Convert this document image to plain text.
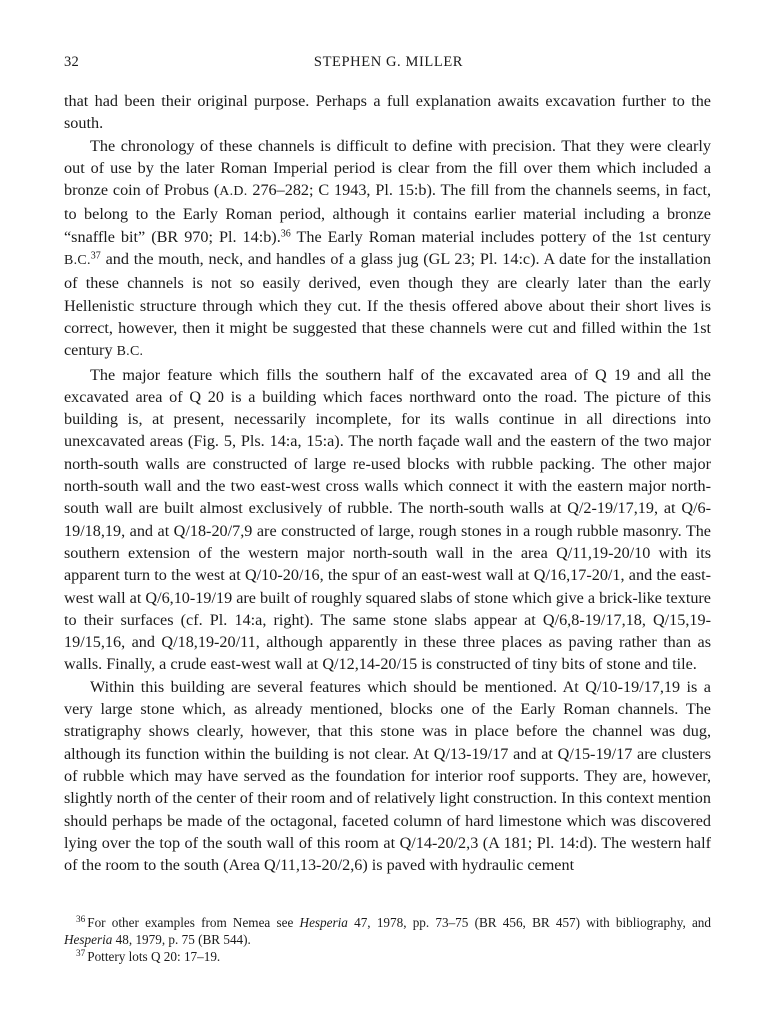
32	STEPHEN G. MILLER

that had been their original purpose. Perhaps a full explanation awaits excavation further to the south.

The chronology of these channels is difficult to define with precision. That they were clearly out of use by the later Roman Imperial period is clear from the fill over them which included a bronze coin of Probus (A.D. 276–282; C 1943, Pl. 15:b). The fill from the channels seems, in fact, to belong to the Early Roman period, although it contains earlier material including a bronze “snaffle bit” (BR 970; Pl. 14:b).$^{36}$ The Early Roman material includes pottery of the 1st century B.C.$^{37}$ and the mouth, neck, and handles of a glass jug (GL 23; Pl. 14:c). A date for the installation of these channels is not so easily derived, even though they are clearly later than the early Hellenistic structure through which they cut. If the thesis offered above about their short lives is correct, however, then it might be suggested that these channels were cut and filled within the 1st century B.C.

The major feature which fills the southern half of the excavated area of Q 19 and all the excavated area of Q 20 is a building which faces northward onto the road. The picture of this building is, at present, necessarily incomplete, for its walls continue in all directions into unexcavated areas (Fig. 5, Pls. 14:a, 15:a). The north façade wall and the eastern of the two major north-south walls are constructed of large re-used blocks with rubble packing. The other major north-south wall and the two east-west cross walls which connect it with the eastern major north-south wall are built almost exclusively of rubble. The north-south walls at Q/2-19/17,19, at Q/6-19/18,19, and at Q/18-20/7,9 are constructed of large, rough stones in a rough rubble masonry. The southern extension of the western major north-south wall in the area Q/11,19-20/10 with its apparent turn to the west at Q/10-20/16, the spur of an east-west wall at Q/16,17-20/1, and the east-west wall at Q/6,10-19/19 are built of roughly squared slabs of stone which give a brick-like texture to their surfaces (cf. Pl. 14:a, right). The same stone slabs appear at Q/6,8-19/17,18, Q/15,19-19/15,16, and Q/18,19-20/11, although apparently in these three places as paving rather than as walls. Finally, a crude east-west wall at Q/12,14-20/15 is constructed of tiny bits of stone and tile.

Within this building are several features which should be mentioned. At Q/10-19/17,19 is a very large stone which, as already mentioned, blocks one of the Early Roman channels. The stratigraphy shows clearly, however, that this stone was in place before the channel was dug, although its function within the building is not clear. At Q/13-19/17 and at Q/15-19/17 are clusters of rubble which may have served as the foundation for interior roof supports. They are, however, slightly north of the center of their room and of relatively light construction. In this context mention should perhaps be made of the octagonal, faceted column of hard limestone which was discovered lying over the top of the south wall of this room at Q/14-20/2,3 (A 181; Pl. 14:d). The western half of the room to the south (Area Q/11,13-20/2,6) is paved with hydraulic cement

$^{36}$ For other examples from Nemea see Hesperia 47, 1978, pp. 73–75 (BR 456, BR 457) with bibliography, and Hesperia 48, 1979, p. 75 (BR 544).

$^{37}$ Pottery lots Q 20: 17–19.
